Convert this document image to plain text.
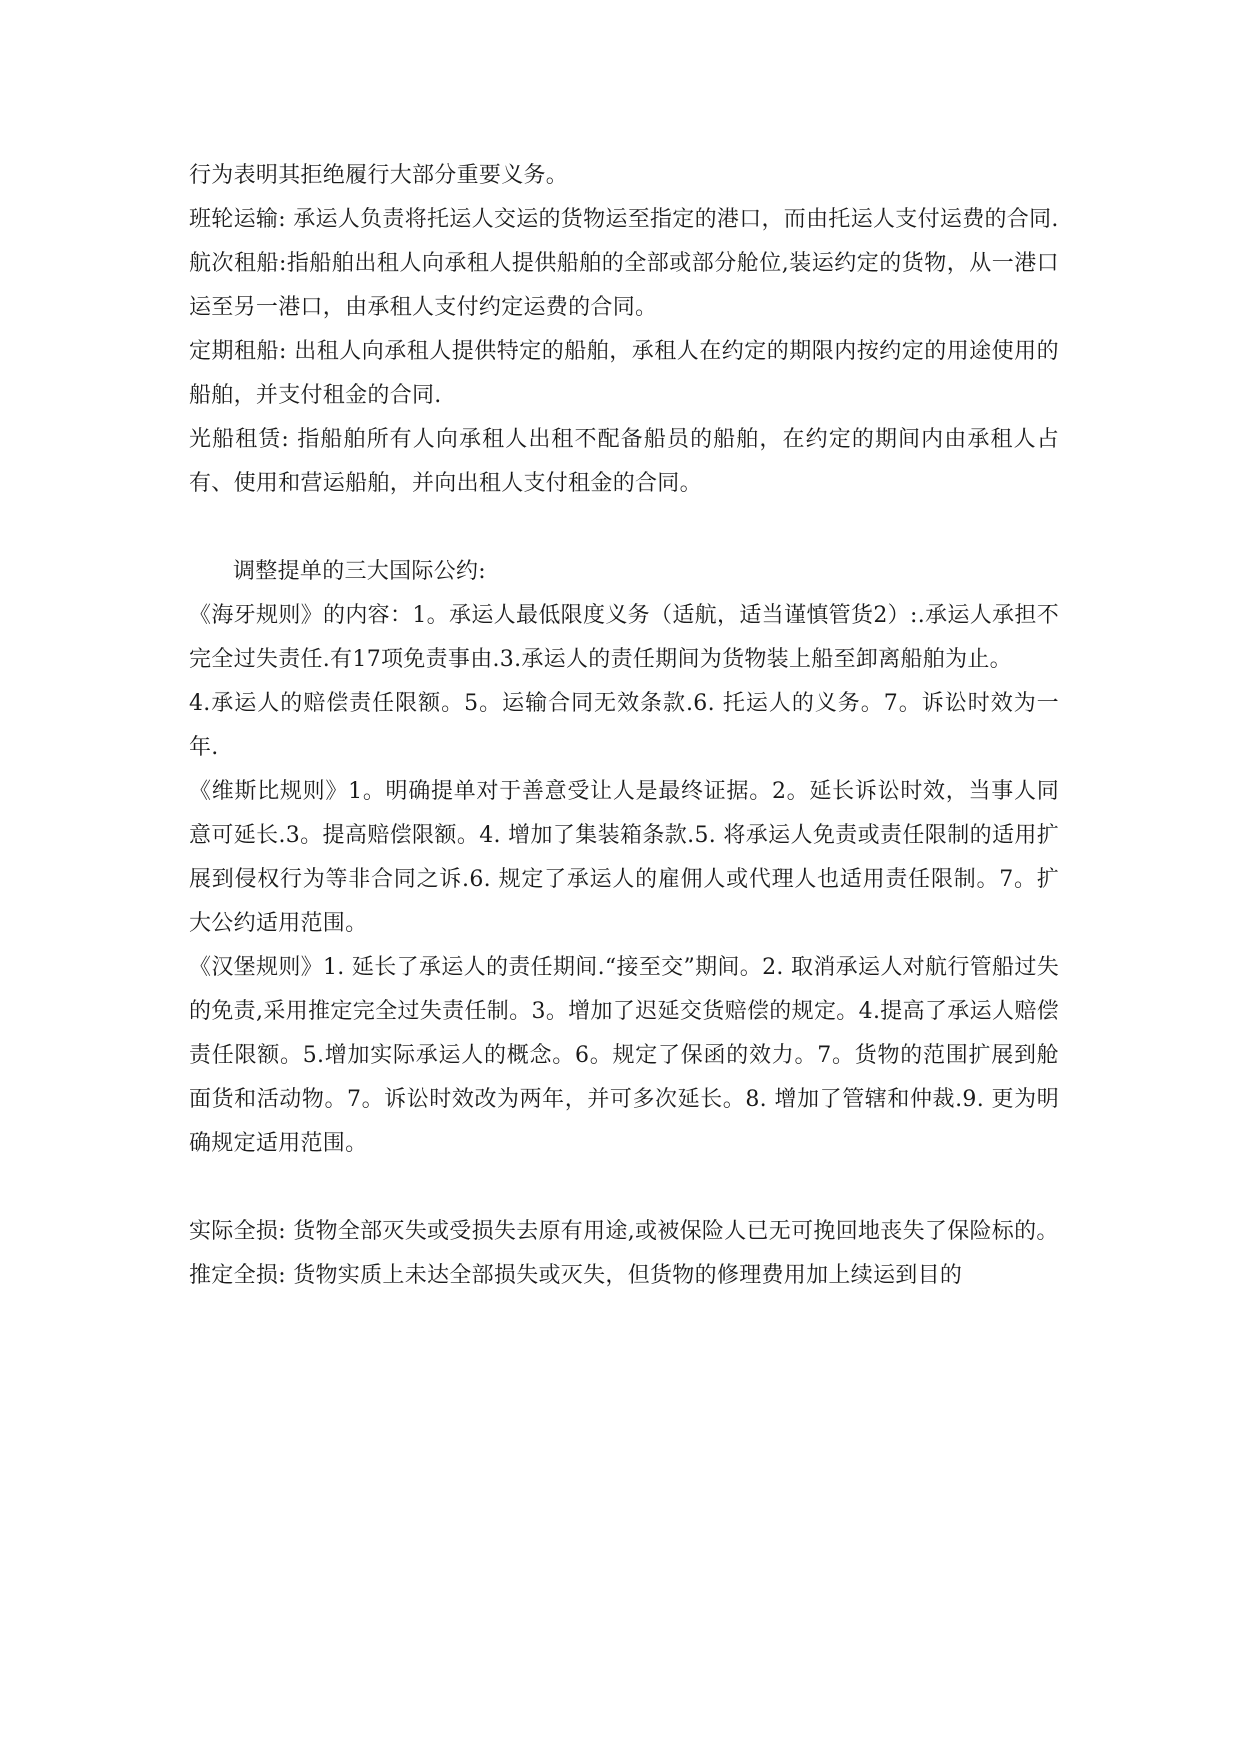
行为表明其拒绝履行大部分重要义务。

班轮运输: 承运人负责将托运人交运的货物运至指定的港口，而由托运人支付运费的合同.

航次租船:指船舶出租人向承租人提供船舶的全部或部分舱位,装运约定的货物，从一港口运至另一港口，由承租人支付约定运费的合同。

定期租船: 出租人向承租人提供特定的船舶，承租人在约定的期限内按约定的用途使用的船舶，并支付租金的合同.

光船租赁: 指船舶所有人向承租人出租不配备船员的船舶，在约定的期间内由承租人占有、使用和营运船舶，并向出租人支付租金的合同。

调整提单的三大国际公约:

《海牙规则》的内容：1。承运人最低限度义务（适航，适当谨慎管货2）:.承运人承担不完全过失责任.有17项免责事由.3.承运人的责任期间为货物装上船至卸离船舶为止。

4.承运人的赔偿责任限额。5。运输合同无效条款.6. 托运人的义务。7。诉讼时效为一年.

《维斯比规则》1。明确提单对于善意受让人是最终证据。2。延长诉讼时效，当事人同意可延长.3。提高赔偿限额。4. 增加了集装箱条款.5. 将承运人免责或责任限制的适用扩展到侵权行为等非合同之诉.6. 规定了承运人的雇佣人或代理人也适用责任限制。7。扩大公约适用范围。

《汉堡规则》1. 延长了承运人的责任期间.“接至交”期间。2. 取消承运人对航行管船过失的免责,采用推定完全过失责任制。3。增加了迟延交货赔偿的规定。4.提高了承运人赔偿责任限额。5.增加实际承运人的概念。6。规定了保函的效力。7。货物的范围扩展到舱面货和活动物。7。诉讼时效改为两年，并可多次延长。8. 增加了管辖和仲裁.9. 更为明确规定适用范围。

实际全损: 货物全部灭失或受损失去原有用途,或被保险人已无可挽回地丧失了保险标的。

推定全损: 货物实质上未达全部损失或灭失，但货物的修理费用加上续运到目的
